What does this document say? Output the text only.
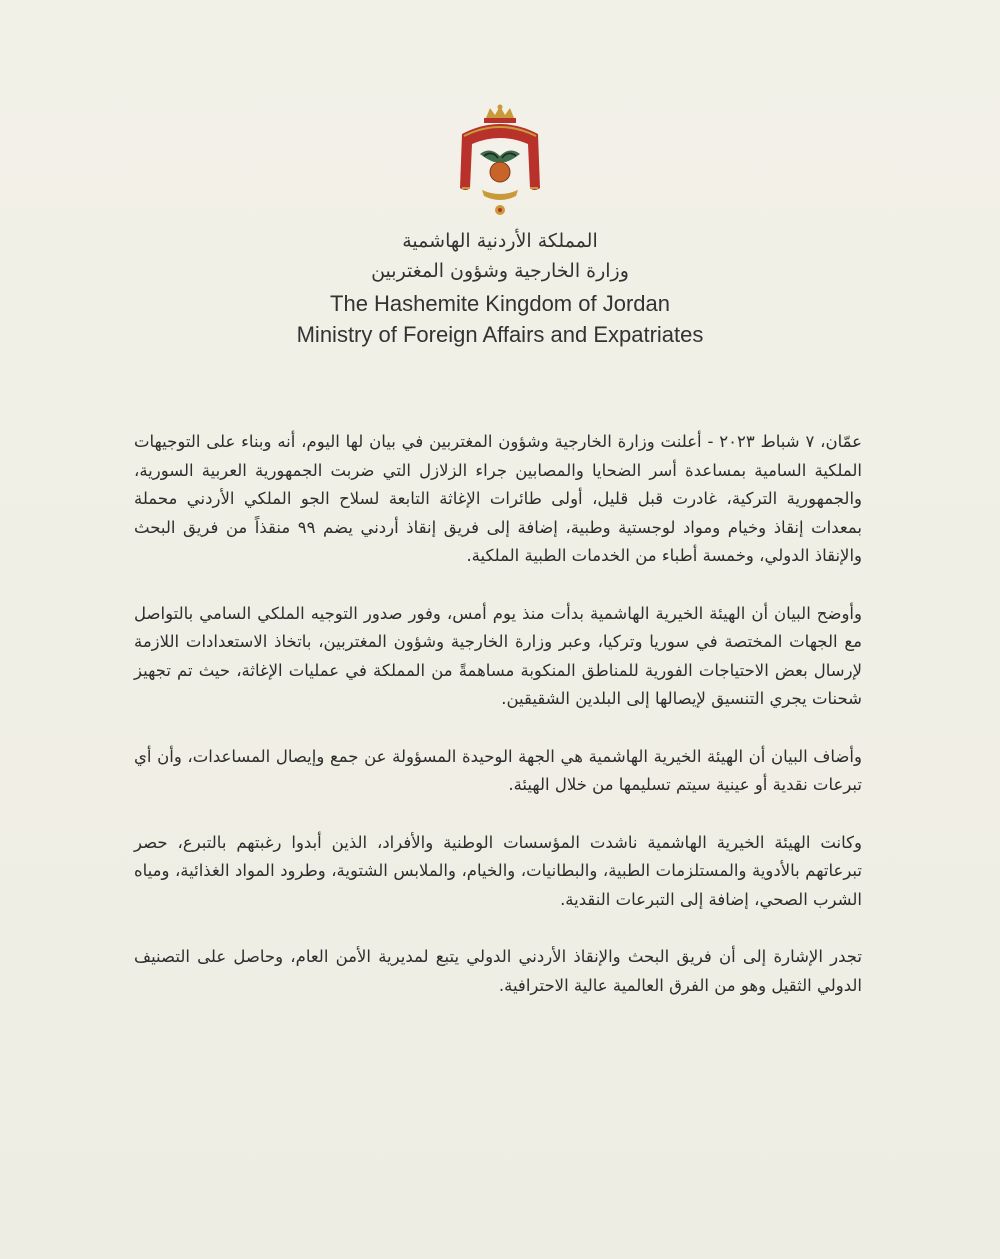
المملكة الأردنية الهاشمية
وزارة الخارجية وشؤون المغتربين
The Hashemite Kingdom of Jordan
Ministry of Foreign Affairs and Expatriates

عمّان، ٧ شباط ٢٠٢٣ - أعلنت وزارة الخارجية وشؤون المغتربين في بيان لها اليوم، أنه وبناء على التوجيهات الملكية السامية بمساعدة أسر الضحايا والمصابين جراء الزلازل التي ضربت الجمهورية العربية السورية، والجمهورية التركية، غادرت قبل قليل، أولى طائرات الإغاثة التابعة لسلاح الجو الملكي الأردني محملة بمعدات إنقاذ وخيام ومواد لوجستية وطبية، إضافة إلى فريق إنقاذ أردني يضم ٩٩ منقذاً من فريق البحث والإنقاذ الدولي، وخمسة أطباء من الخدمات الطبية الملكية.

وأوضح البيان أن الهيئة الخيرية الهاشمية بدأت منذ يوم أمس، وفور صدور التوجيه الملكي السامي بالتواصل مع الجهات المختصة في سوريا وتركيا، وعبر وزارة الخارجية وشؤون المغتربين، باتخاذ الاستعدادات اللازمة لإرسال بعض الاحتياجات الفورية للمناطق المنكوبة مساهمةً من المملكة في عمليات الإغاثة، حيث تم تجهيز شحنات يجري التنسيق لإيصالها إلى البلدين الشقيقين.

وأضاف البيان أن الهيئة الخيرية الهاشمية هي الجهة الوحيدة المسؤولة عن جمع وإيصال المساعدات، وأن أي تبرعات نقدية أو عينية سيتم تسليمها من خلال الهيئة.

وكانت الهيئة الخيرية الهاشمية ناشدت المؤسسات الوطنية والأفراد، الذين أبدوا رغبتهم بالتبرع، حصر تبرعاتهم بالأدوية والمستلزمات الطبية، والبطانيات، والخيام، والملابس الشتوية، وطرود المواد الغذائية، ومياه الشرب الصحي، إضافة إلى التبرعات النقدية.

تجدر الإشارة إلى أن فريق البحث والإنقاذ الأردني الدولي يتبع لمديرية الأمن العام، وحاصل على التصنيف الدولي الثقيل وهو من الفرق العالمية عالية الاحترافية.
